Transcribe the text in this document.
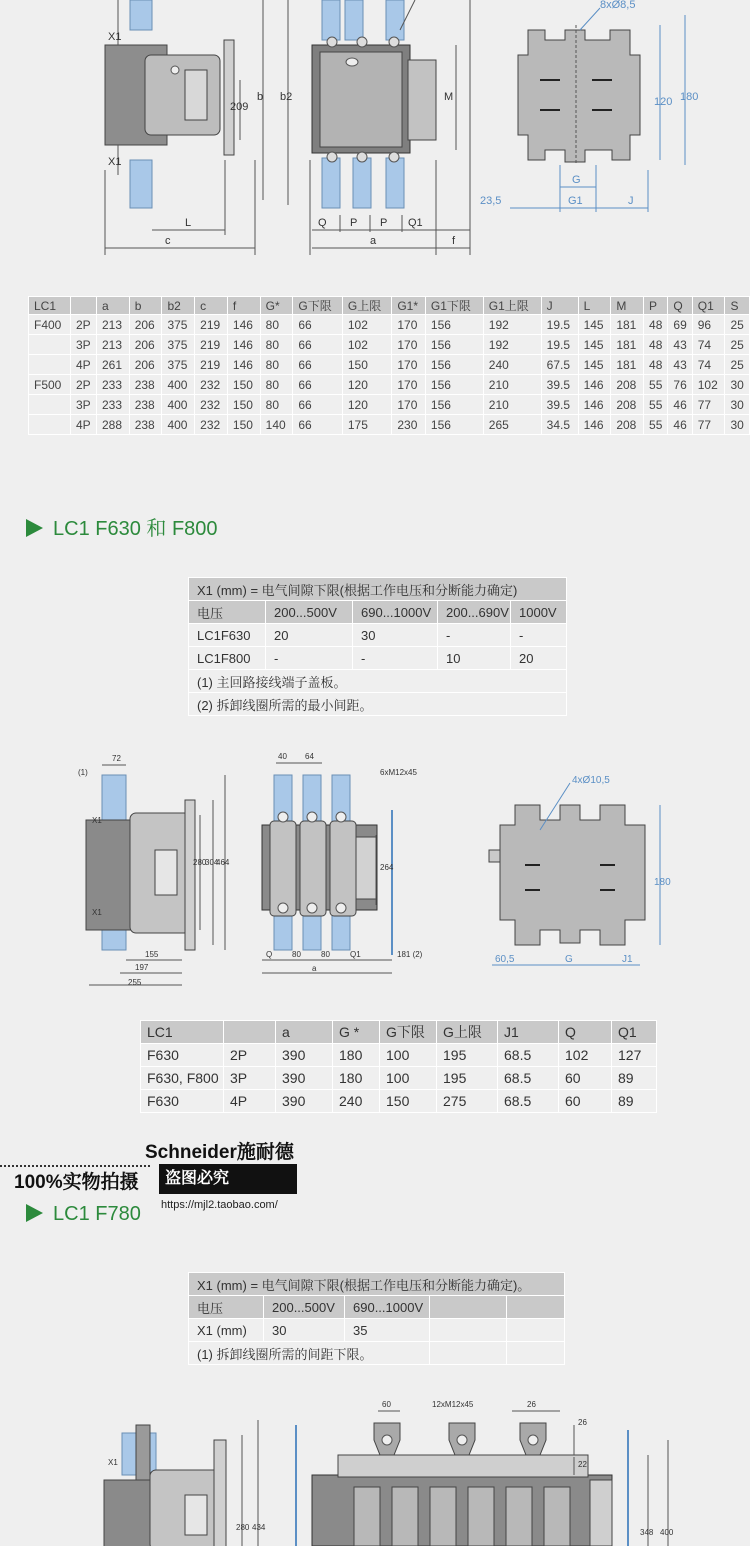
X1
X1
209
b b2
L
c
M
Q P P Q1
a	f
8xØ8,5
120 180
23,5
G
G1	J
LC1		a	b	b2	c	f	G*	G下限	G上限	G1*	G1下限	G1上限	J	L	M	P	Q	Q1	S
F400	2P	213	206	375	219	146	80	66	102	170	156	192	19.5	145	181	48	69	96	25
	3P	213	206	375	219	146	80	66	102	170	156	192	19.5	145	181	48	43	74	25
	4P	261	206	375	219	146	80	66	150	170	156	240	67.5	145	181	48	43	74	25
F500	2P	233	238	400	232	150	80	66	120	170	156	210	39.5	146	208	55	76	102	30
	3P	233	238	400	232	150	80	66	120	170	156	210	39.5	146	208	55	46	77	30
	4P	288	238	400	232	150	140	66	175	230	156	265	34.5	146	208	55	46	77	30
LC1 F630 和 F800
X1 (mm) = 电气间隙下限(根据工作电压和分断能力确定)				
电压	200...500V	690...1000V	200...690V	1000V
LC1F630	20	30	-	-
LC1F800	-	-	10	20
(1) 主回路接线端子盖板。				
(2) 拆卸线圈所需的最小间距。				
(1)
72
X1
X1
280
304
464
155
197
255
40 64
6xM12x45
264
Q 80	80	Q1	181 (2)
a
4xØ10,5
180
60,5	G	J1
LC1		a	G *	G下限	G上限	J1	Q	Q1
F630	2P	390	180	100	195	68.5	102	127
F630, F800	3P	390	180	100	195	68.5	60	89
F630	4P	390	240	150	275	68.5	60	89
Schneider施耐德
100%实物拍摄	盗图必究
https://mjl2.taobao.com/
LC1 F780
X1 (mm) = 电气间隙下限(根据工作电压和分断能力确定)。				
电压	200...500V	690...1000V		
X1 (mm)	30	35		
(1) 拆卸线圈所需的间距下限。				
X1
280 434
60	12xM12x45	26
26
22
348 400
